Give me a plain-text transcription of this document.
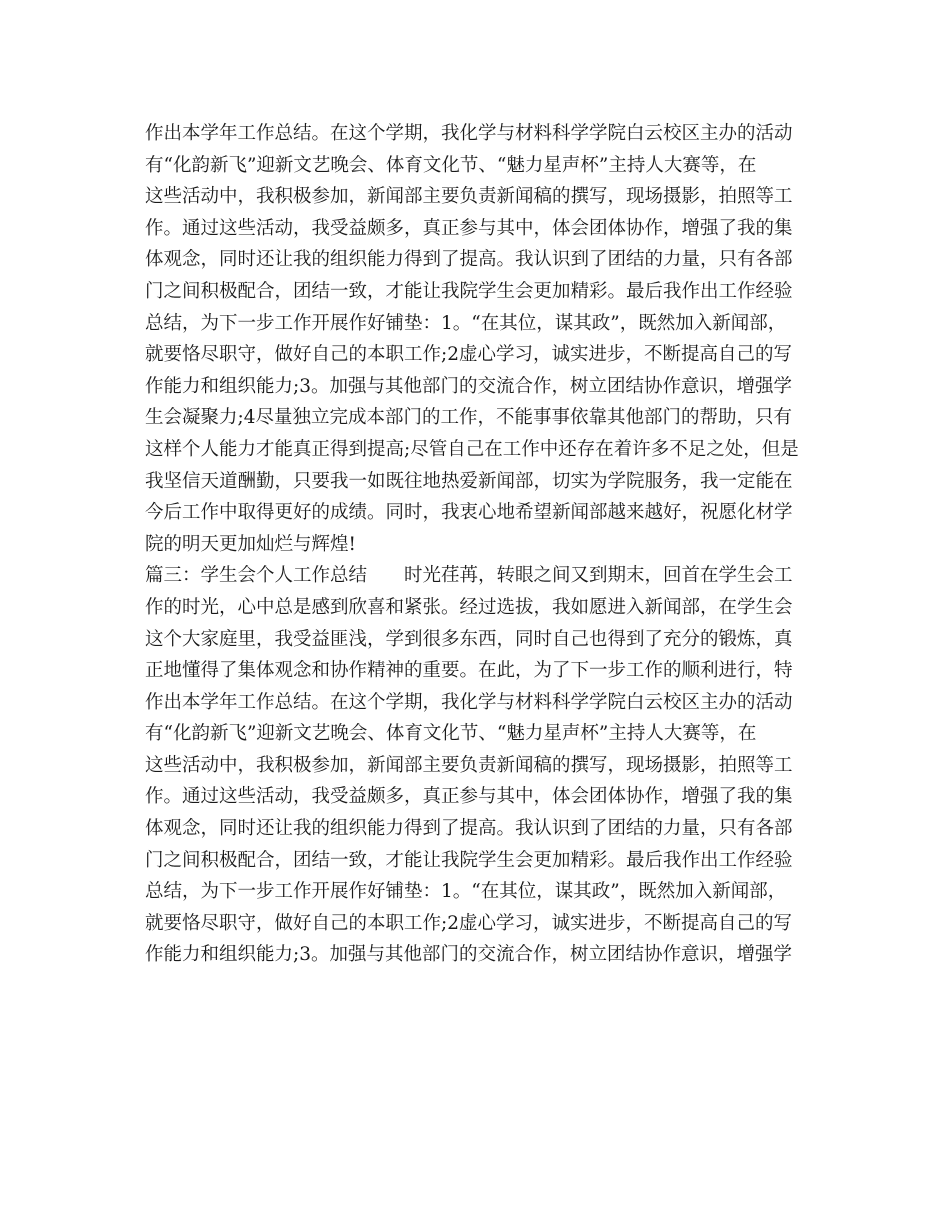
作出本学年工作总结。在这个学期，我化学与材料科学学院白云校区主办的活动
有“化韵新飞”迎新文艺晚会、体育文化节、“魅力星声杯”主持人大赛等，在
这些活动中，我积极参加，新闻部主要负责新闻稿的撰写，现场摄影，拍照等工
作。通过这些活动，我受益颇多，真正参与其中，体会团体协作，增强了我的集
体观念，同时还让我的组织能力得到了提高。我认识到了团结的力量，只有各部
门之间积极配合，团结一致，才能让我院学生会更加精彩。最后我作出工作经验
总结，为下一步工作开展作好铺垫：1。“在其位，谋其政”，既然加入新闻部，
就要恪尽职守，做好自己的本职工作;2虚心学习，诚实进步，不断提高自己的写
作能力和组织能力;3。加强与其他部门的交流合作，树立团结协作意识，增强学
生会凝聚力;4尽量独立完成本部门的工作，不能事事依靠其他部门的帮助，只有
这样个人能力才能真正得到提高;尽管自己在工作中还存在着许多不足之处，但是
我坚信天道酬勤，只要我一如既往地热爱新闻部，切实为学院服务，我一定能在
今后工作中取得更好的成绩。同时，我衷心地希望新闻部越来越好，祝愿化材学
院的明天更加灿烂与辉煌!
篇三：学生会个人工作总结　　时光荏苒，转眼之间又到期末，回首在学生会工
作的时光，心中总是感到欣喜和紧张。经过选拔，我如愿进入新闻部，在学生会
这个大家庭里，我受益匪浅，学到很多东西，同时自己也得到了充分的锻炼，真
正地懂得了集体观念和协作精神的重要。在此，为了下一步工作的顺利进行，特
作出本学年工作总结。在这个学期，我化学与材料科学学院白云校区主办的活动
有“化韵新飞”迎新文艺晚会、体育文化节、“魅力星声杯”主持人大赛等，在
这些活动中，我积极参加，新闻部主要负责新闻稿的撰写，现场摄影，拍照等工
作。通过这些活动，我受益颇多，真正参与其中，体会团体协作，增强了我的集
体观念，同时还让我的组织能力得到了提高。我认识到了团结的力量，只有各部
门之间积极配合，团结一致，才能让我院学生会更加精彩。最后我作出工作经验
总结，为下一步工作开展作好铺垫：1。“在其位，谋其政”，既然加入新闻部，
就要恪尽职守，做好自己的本职工作;2虚心学习，诚实进步，不断提高自己的写
作能力和组织能力;3。加强与其他部门的交流合作，树立团结协作意识，增强学
